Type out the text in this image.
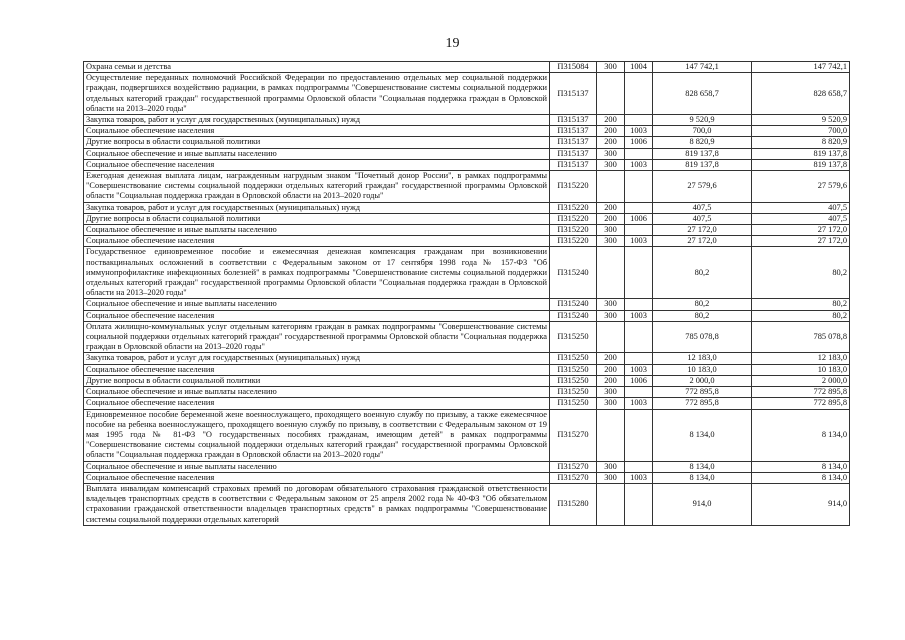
19
Охрана семьи и детства	П315084	300	1004	147 742,1	147 742,1
Осуществление переданных полномочий Российской Федерации по предоставлению отдельных мер социальной поддержки граждан, подвергшихся воздействию радиации, в рамках подпрограммы "Совершенствование системы социальной поддержки отдельных категорий граждан" государственной программы Орловской области "Социальная поддержка граждан в Орловской области на 2013–2020 годы"	П315137			828 658,7	828 658,7
Закупка товаров, работ и услуг для государственных (муниципальных) нужд	П315137	200		9 520,9	9 520,9
Социальное обеспечение населения	П315137	200	1003	700,0	700,0
Другие вопросы в области социальной политики	П315137	200	1006	8 820,9	8 820,9
Социальное обеспечение и иные выплаты населению	П315137	300		819 137,8	819 137,8
Социальное обеспечение населения	П315137	300	1003	819 137,8	819 137,8
Ежегодная денежная выплата лицам, награжденным нагрудным знаком "Почетный донор России", в рамках подпрограммы "Совершенствование системы социальной поддержки отдельных категорий граждан" государственной программы Орловской области "Социальная поддержка граждан в Орловской области на 2013–2020 годы"	П315220			27 579,6	27 579,6
Закупка товаров, работ и услуг для государственных (муниципальных) нужд	П315220	200		407,5	407,5
Другие вопросы в области социальной политики	П315220	200	1006	407,5	407,5
Социальное обеспечение и иные выплаты населению	П315220	300		27 172,0	27 172,0
Социальное обеспечение населения	П315220	300	1003	27 172,0	27 172,0
Государственное единовременное пособие и ежемесячная денежная компенсация гражданам при возникновении поствакцинальных осложнений в соответствии с Федеральным законом от 17 сентября 1998 года № 157-ФЗ "Об иммунопрофилактике инфекционных болезней" в рамках подпрограммы "Совершенствование системы социальной поддержки отдельных категорий граждан" государственной программы Орловской области "Социальная поддержка граждан в Орловской области на 2013–2020 годы"	П315240			80,2	80,2
Социальное обеспечение и иные выплаты населению	П315240	300		80,2	80,2
Социальное обеспечение населения	П315240	300	1003	80,2	80,2
Оплата жилищно-коммунальных услуг отдельным категориям граждан в рамках подпрограммы "Совершенствование системы социальной поддержки отдельных категорий граждан" государственной программы Орловской области "Социальная поддержка граждан в Орловской области на 2013–2020 годы"	П315250			785 078,8	785 078,8
Закупка товаров, работ и услуг для государственных (муниципальных) нужд	П315250	200		12 183,0	12 183,0
Социальное обеспечение населения	П315250	200	1003	10 183,0	10 183,0
Другие вопросы в области социальной политики	П315250	200	1006	2 000,0	2 000,0
Социальное обеспечение и иные выплаты населению	П315250	300		772 895,8	772 895,8
Социальное обеспечение населения	П315250	300	1003	772 895,8	772 895,8
Единовременное пособие беременной жене военнослужащего, проходящего военную службу по призыву, а также ежемесячное пособие на ребенка военнослужащего, проходящего военную службу по призыву, в соответствии с Федеральным законом от 19 мая 1995 года № 81-ФЗ "О государственных пособиях гражданам, имеющим детей" в рамках подпрограммы "Совершенствование системы социальной поддержки отдельных категорий граждан" государственной программы Орловской области "Социальная поддержка граждан в Орловской области на 2013–2020 годы"	П315270			8 134,0	8 134,0
Социальное обеспечение и иные выплаты населению	П315270	300		8 134,0	8 134,0
Социальное обеспечение населения	П315270	300	1003	8 134,0	8 134,0
Выплата инвалидам компенсаций страховых премий по договорам обязательного страхования гражданской ответственности владельцев транспортных средств в соответствии с Федеральным законом от 25 апреля 2002 года № 40-ФЗ "Об обязательном страховании гражданской ответственности владельцев транспортных средств" в рамках подпрограммы "Совершенствование системы социальной поддержки отдельных категорий	П315280			914,0	914,0
